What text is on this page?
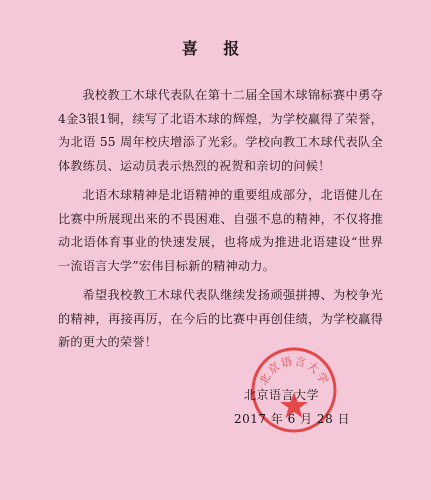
喜 报

我校教工木球代表队在第十二届全国木球锦标赛中勇夺4金3银1铜，续写了北语木球的辉煌，为学校赢得了荣誉，为北语 55 周年校庆增添了光彩。学校向教工木球代表队全体教练员、运动员表示热烈的祝贺和亲切的问候！

北语木球精神是北语精神的重要组成部分，北语健儿在比赛中所展现出来的不畏困难、自强不息的精神，不仅将推动北语体育事业的快速发展，也将成为推进北语建设“世界一流语言大学”宏伟目标新的精神动力。

希望我校教工木球代表队继续发扬顽强拼搏、为校争光的精神，再接再厉，在今后的比赛中再创佳绩，为学校赢得新的更大的荣誉！

北京语言大学
北京语言大学
2017 年 6 月 28 日
